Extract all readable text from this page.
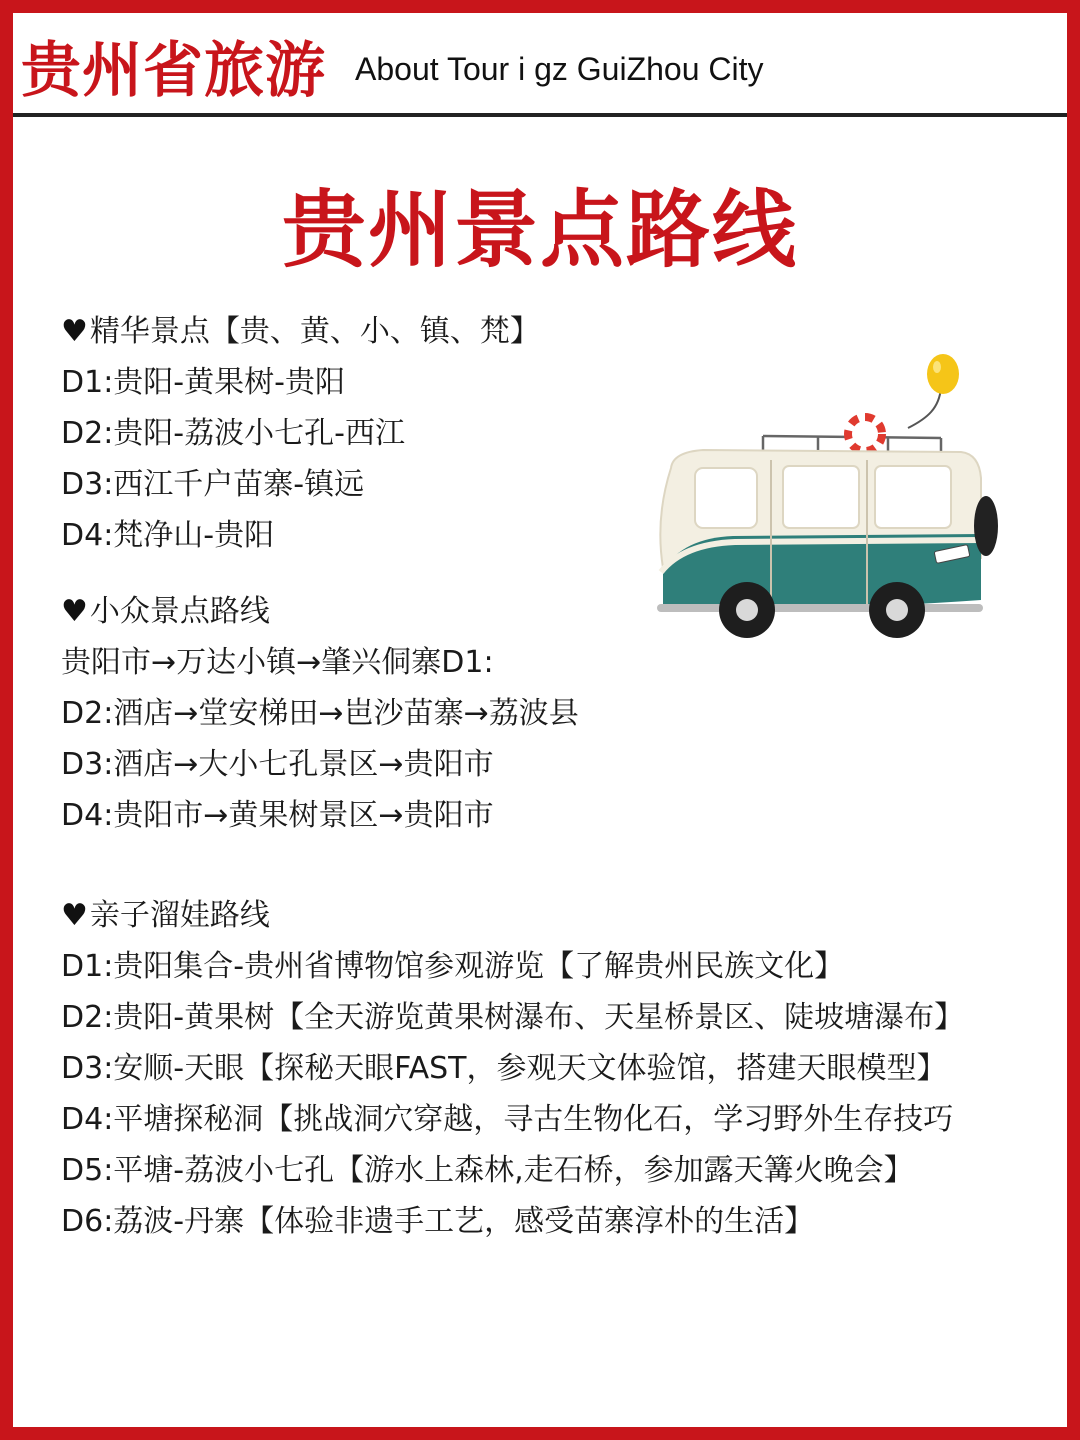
贵州省旅游 About Tour i gz GuiZhou City
贵州景点路线
♥精华景点【贵、黄、小、镇、梵】
D1:贵阳-黄果树-贵阳
D2:贵阳-荔波小七孔-西江
D3:西江千户苗寨-镇远
D4:梵净山-贵阳
♥小众景点路线
贵阳市→万达小镇→肇兴侗寨D1:
D2:酒店→堂安梯田→岜沙苗寨→荔波县
D3:酒店→大小七孔景区→贵阳市
D4:贵阳市→黄果树景区→贵阳市
♥亲子溜娃路线
D1:贵阳集合-贵州省博物馆参观游览【了解贵州民族文化】
D2:贵阳-黄果树【全天游览黄果树瀑布、天星桥景区、陡坡塘瀑布】
D3:安顺-天眼【探秘天眼FAST，参观天文体验馆，搭建天眼模型】
D4:平塘探秘洞【挑战洞穴穿越，寻古生物化石，学习野外生存技巧
D5:平塘-荔波小七孔【游水上森林,走石桥，参加露天篝火晚会】
D6:荔波-丹寨【体验非遗手工艺，感受苗寨淳朴的生活】
